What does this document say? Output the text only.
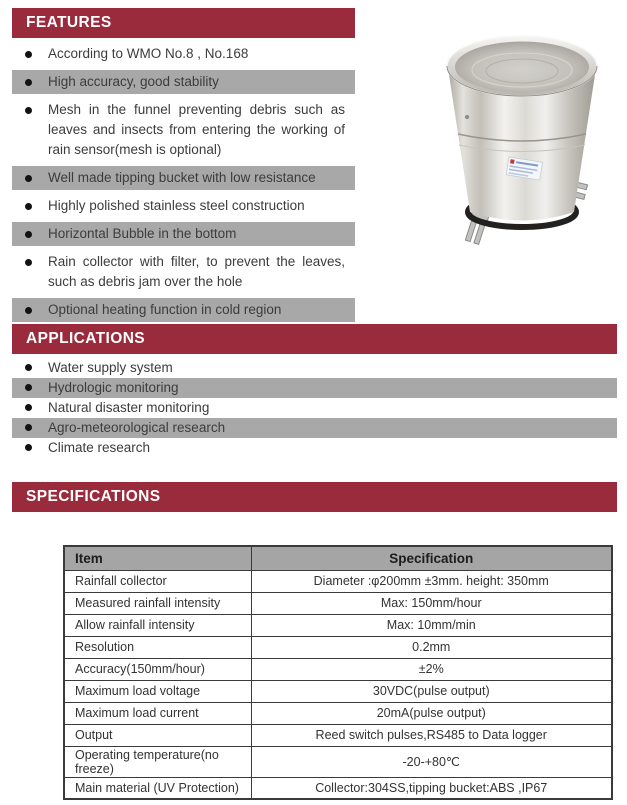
FEATURES
According to WMO No.8 , No.168
High accuracy, good stability
Mesh in the funnel preventing debris such as leaves and insects from entering the working of rain sensor(mesh is optional)
Well made tipping bucket with low resistance
Highly polished stainless steel construction
Horizontal Bubble in the bottom
Rain collector with filter, to prevent the leaves, such as debris jam over the hole
Optional heating function in cold region
APPLICATIONS
Water supply system
Hydrologic monitoring
Natural disaster monitoring
Agro-meteorological research
Climate research
SPECIFICATIONS
Item	Specification
Rainfall collector	Diameter :φ200mm ±3mm. height: 350mm
Measured rainfall intensity	Max: 150mm/hour
Allow rainfall intensity	Max: 10mm/min
Resolution	0.2mm
Accuracy(150mm/hour)	±2%
Maximum load voltage	30VDC(pulse output)
Maximum load current	20mA(pulse output)
Output	Reed switch pulses,RS485 to Data logger
Operating temperature(no freeze)	-20-+80℃
Main material (UV Protection)	Collector:304SS,tipping bucket:ABS ,IP67
